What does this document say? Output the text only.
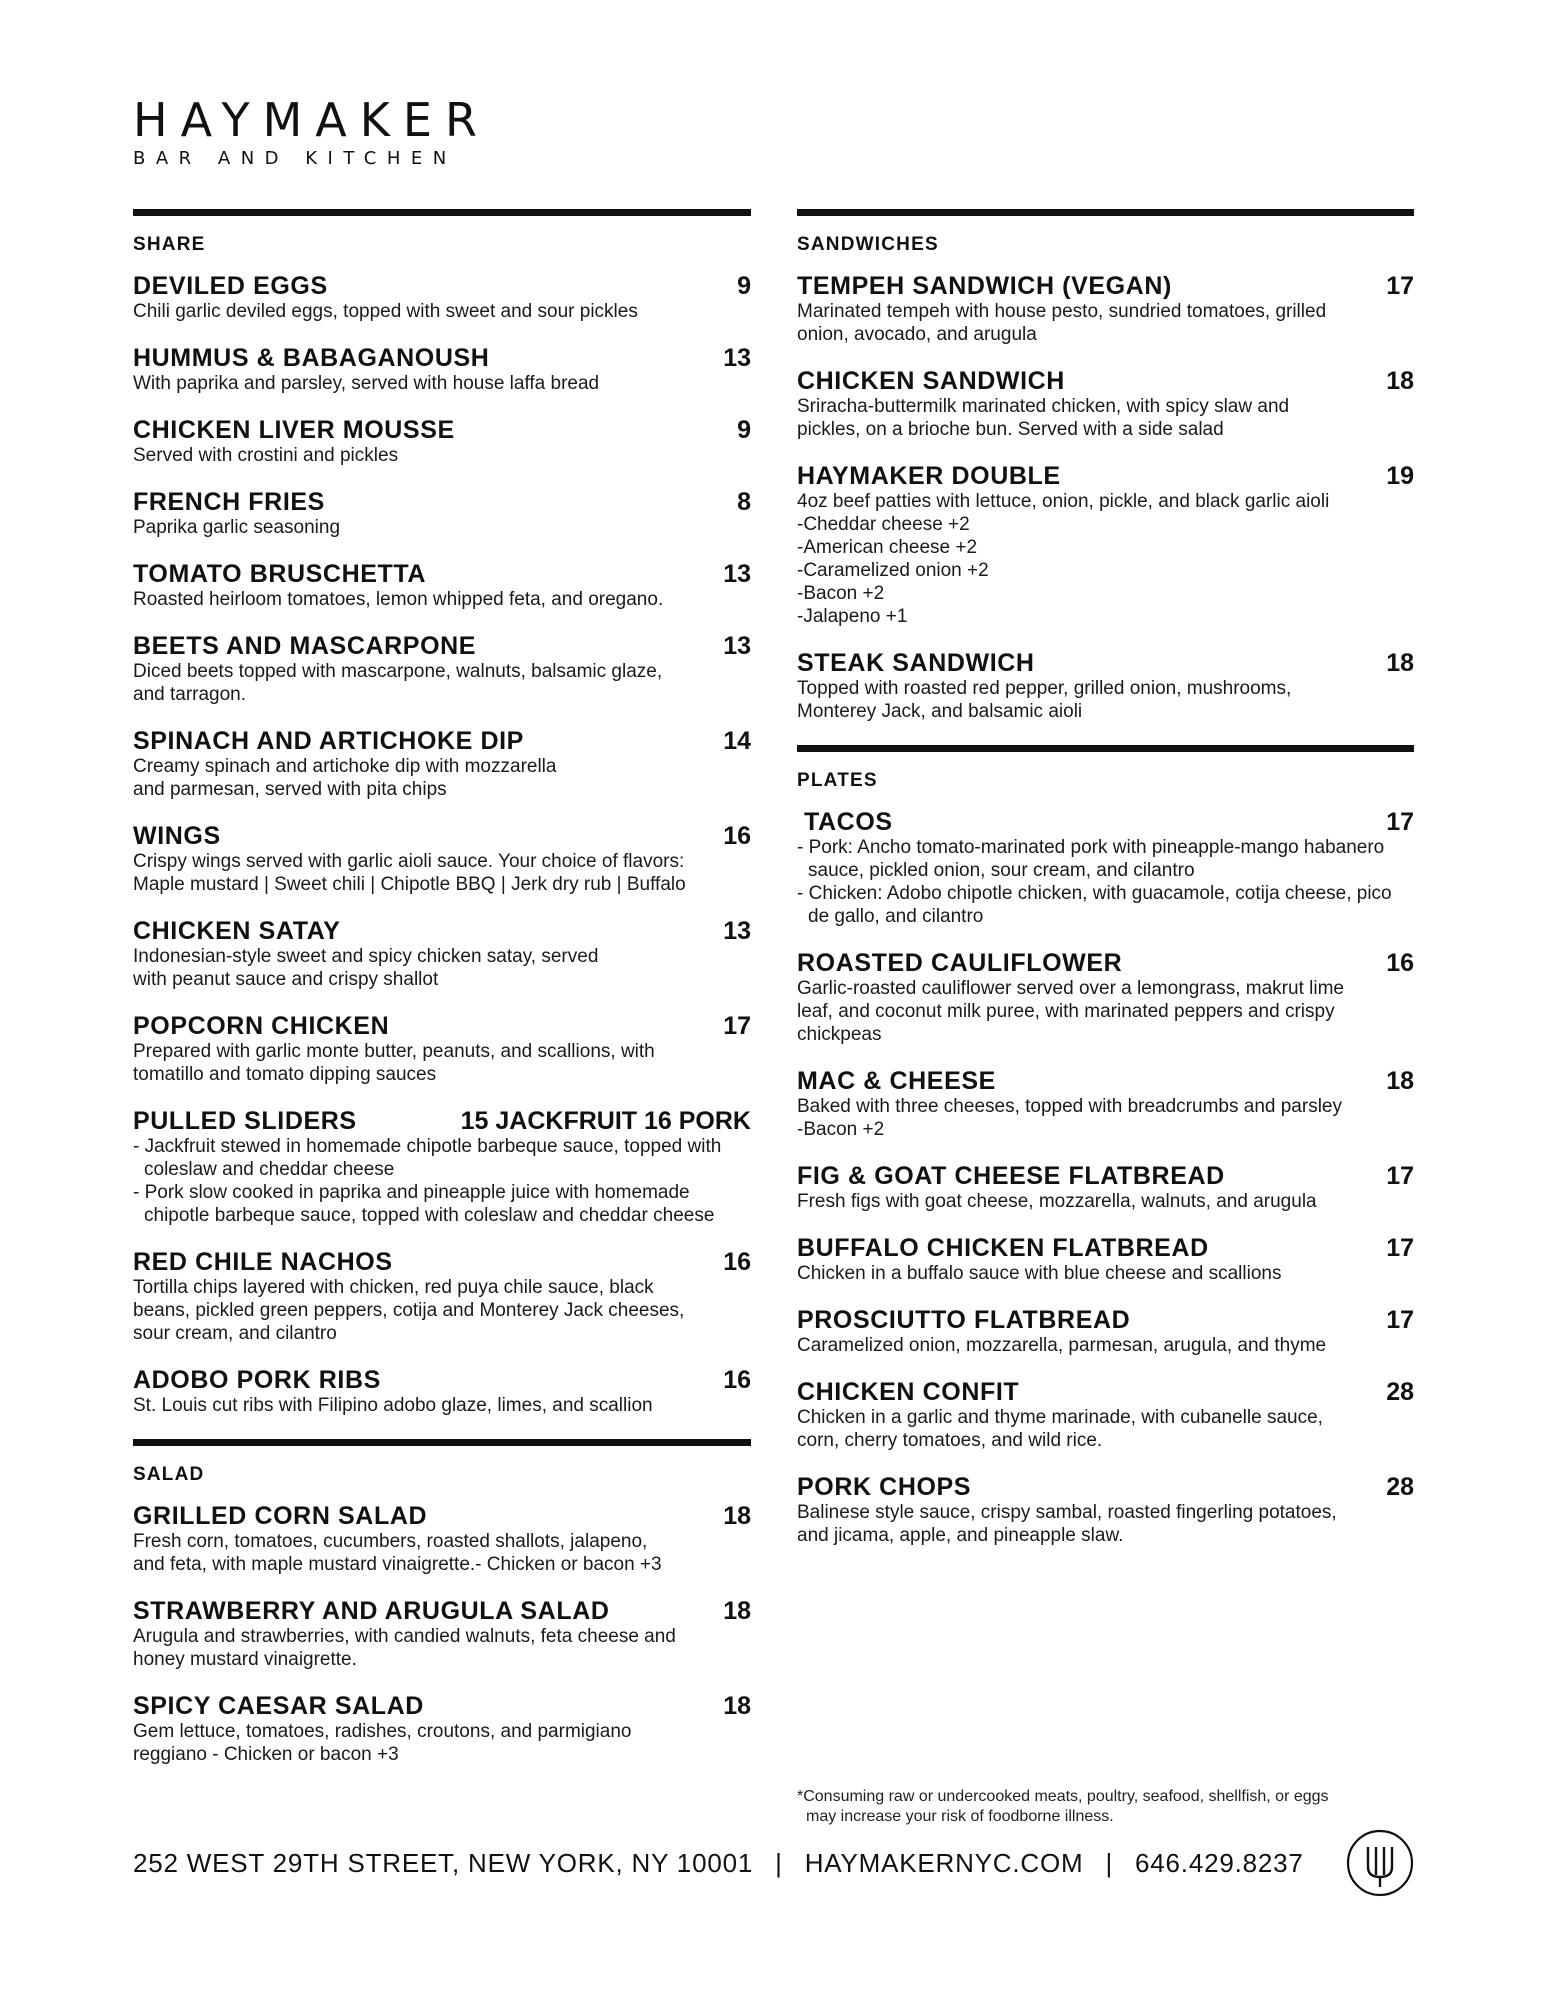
HAYMAKER
BAR AND KITCHEN
SHARE
DEVILED EGGS	9
Chili garlic deviled eggs, topped with sweet and sour pickles
HUMMUS & BABAGANOUSH	13
With paprika and parsley, served with house laffa bread
CHICKEN LIVER MOUSSE	9
Served with crostini and pickles
FRENCH FRIES	8
Paprika garlic seasoning
TOMATO BRUSCHETTA	13
Roasted heirloom tomatoes, lemon whipped feta, and oregano.
BEETS AND MASCARPONE	13
Diced beets topped with mascarpone, walnuts, balsamic glaze,
and tarragon.
SPINACH AND ARTICHOKE DIP	14
Creamy spinach and artichoke dip with mozzarella
and parmesan, served with pita chips
WINGS	16
Crispy wings served with garlic aioli sauce. Your choice of flavors:
Maple mustard | Sweet chili | Chipotle BBQ | Jerk dry rub | Buffalo
CHICKEN SATAY	13
Indonesian-style sweet and spicy chicken satay, served
with peanut sauce and crispy shallot
POPCORN CHICKEN	17
Prepared with garlic monte butter, peanuts, and scallions, with
tomatillo and tomato dipping sauces
PULLED SLIDERS	15 JACKFRUIT 16 PORK
- Jackfruit stewed in homemade chipotle barbeque sauce, topped with coleslaw and cheddar cheese
- Pork slow cooked in paprika and pineapple juice with homemade chipotle barbeque sauce, topped with coleslaw and cheddar cheese
RED CHILE NACHOS	16
Tortilla chips layered with chicken, red puya chile sauce, black
beans, pickled green peppers, cotija and Monterey Jack cheeses,
sour cream, and cilantro
ADOBO PORK RIBS	16
St. Louis cut ribs with Filipino adobo glaze, limes, and scallion
SALAD
GRILLED CORN SALAD	18
Fresh corn, tomatoes, cucumbers, roasted shallots, jalapeno,
and feta, with maple mustard vinaigrette.- Chicken or bacon +3
STRAWBERRY AND ARUGULA SALAD	18
Arugula and strawberries, with candied walnuts, feta cheese and
honey mustard vinaigrette.
SPICY CAESAR SALAD	18
Gem lettuce, tomatoes, radishes, croutons, and parmigiano
reggiano - Chicken or bacon +3
SANDWICHES
TEMPEH SANDWICH (VEGAN)	17
Marinated tempeh with house pesto, sundried tomatoes, grilled
onion, avocado, and arugula
CHICKEN SANDWICH	18
Sriracha-buttermilk marinated chicken, with spicy slaw and
pickles, on a brioche bun. Served with a side salad
HAYMAKER DOUBLE	19
4oz beef patties with lettuce, onion, pickle, and black garlic aioli
-Cheddar cheese +2
-American cheese +2
-Caramelized onion +2
-Bacon +2
-Jalapeno +1
STEAK SANDWICH	18
Topped with roasted red pepper, grilled onion, mushrooms,
Monterey Jack, and balsamic aioli
PLATES
TACOS	17
- Pork: Ancho tomato-marinated pork with pineapple-mango habanero sauce, pickled onion, sour cream, and cilantro
- Chicken: Adobo chipotle chicken, with guacamole, cotija cheese, pico de gallo, and cilantro
ROASTED CAULIFLOWER	16
Garlic-roasted cauliflower served over a lemongrass, makrut lime
leaf, and coconut milk puree, with marinated peppers and crispy
chickpeas
MAC & CHEESE	18
Baked with three cheeses, topped with breadcrumbs and parsley
-Bacon +2
FIG & GOAT CHEESE FLATBREAD	17
Fresh figs with goat cheese, mozzarella, walnuts, and arugula
BUFFALO CHICKEN FLATBREAD	17
Chicken in a buffalo sauce with blue cheese and scallions
PROSCIUTTO FLATBREAD	17
Caramelized onion, mozzarella, parmesan, arugula, and thyme
CHICKEN CONFIT	28
Chicken in a garlic and thyme marinade, with cubanelle sauce,
corn, cherry tomatoes, and wild rice.
PORK CHOPS	28
Balinese style sauce, crispy sambal, roasted fingerling potatoes,
and jicama, apple, and pineapple slaw.
*Consuming raw or undercooked meats, poultry, seafood, shellfish, or eggs
may increase your risk of foodborne illness.
252 WEST 29TH STREET, NEW YORK, NY 10001 | HAYMAKERNYC.COM | 646.429.8237
